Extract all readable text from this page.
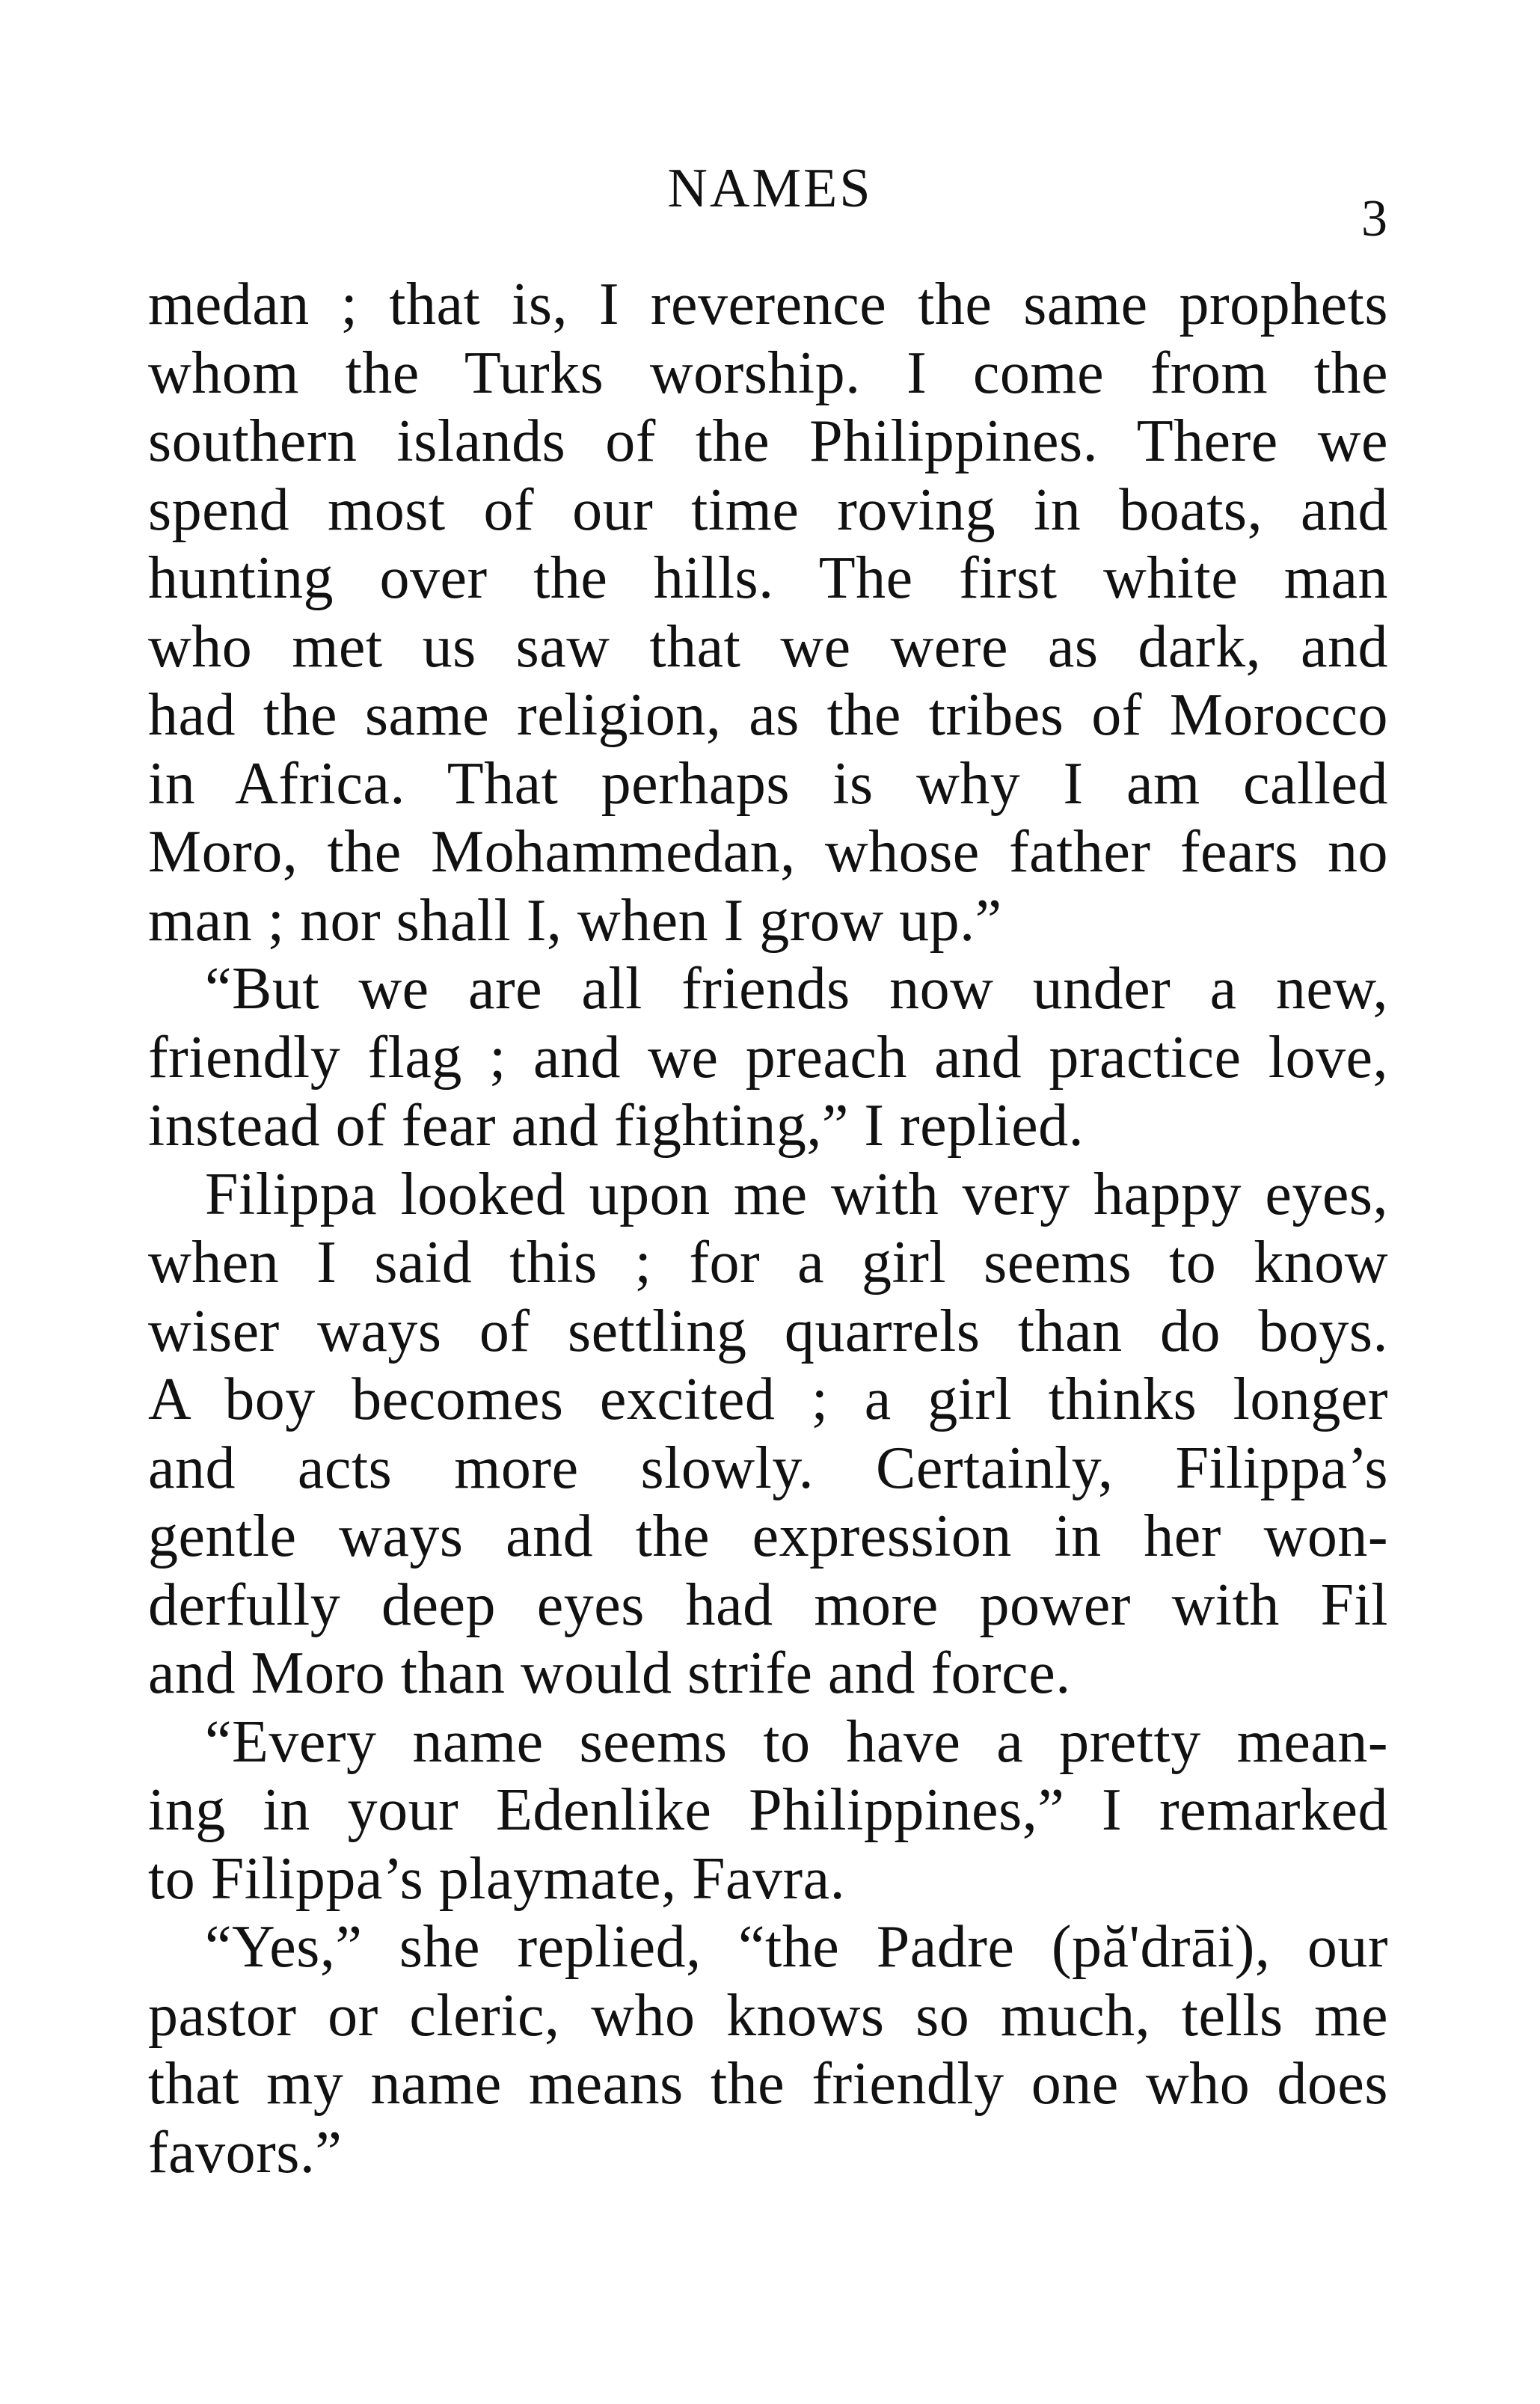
NAMES	3
medan ; that is, I reverence the same prophets
whom the Turks worship. I come from the
southern islands of the Philippines. There we
spend most of our time roving in boats, and
hunting over the hills. The first white man
who met us saw that we were as dark, and
had the same religion, as the tribes of Morocco
in Africa. That perhaps is why I am called
Moro, the Mohammedan, whose father fears no
man ; nor shall I, when I grow up.”
“But we are all friends now under a new,
friendly flag ; and we preach and practice love,
instead of fear and fighting,” I replied.
Filippa looked upon me with very happy eyes,
when I said this ; for a girl seems to know
wiser ways of settling quarrels than do boys.
A boy becomes excited ; a girl thinks longer
and acts more slowly. Certainly, Filippa’s
gentle ways and the expression in her won-
derfully deep eyes had more power with Fil
and Moro than would strife and force.
“Every name seems to have a pretty mean-
ing in your Edenlike Philippines,” I remarked
to Filippa’s playmate, Favra.
“Yes,” she replied, “the Padre (pă'drāi), our
pastor or cleric, who knows so much, tells me
that my name means the friendly one who does
favors.”
